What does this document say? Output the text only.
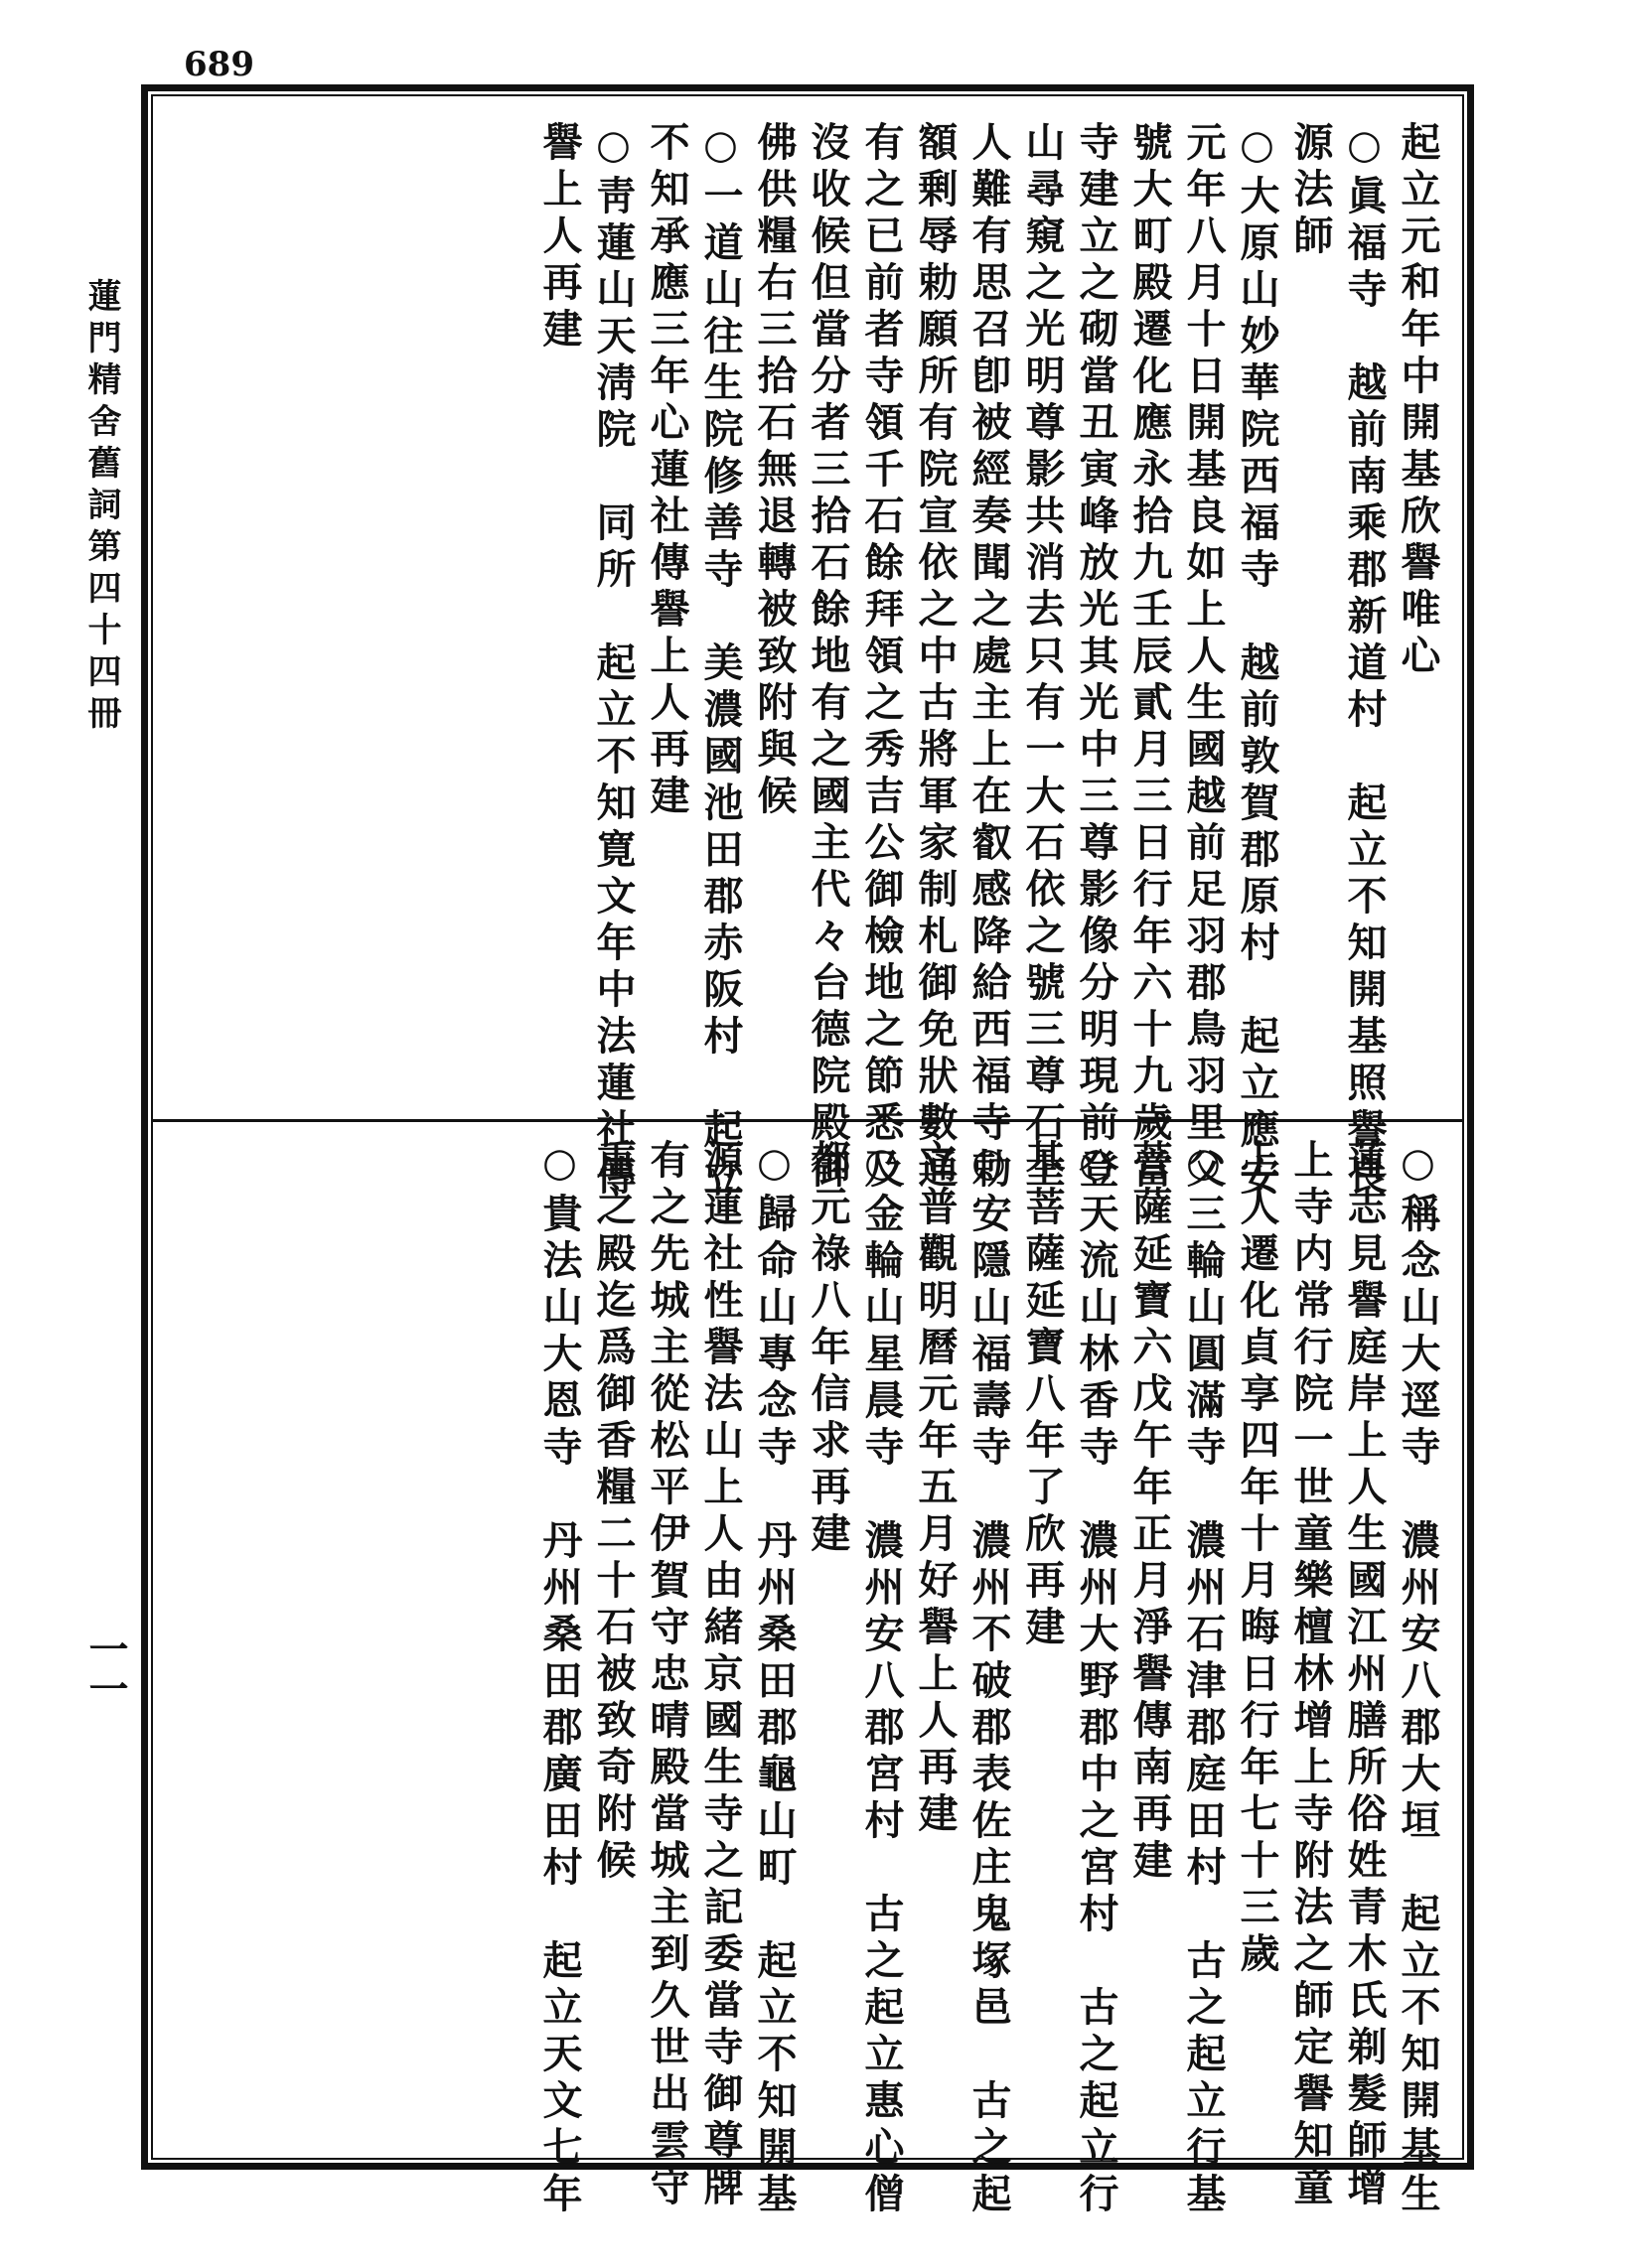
689
蓮門精舍舊詞第四十四冊
一一
起立元和年中開基欣譽唯心
○眞福寺　越前南乘郡新道村　起立不知開基照譽良
源法師
○大原山妙華院西福寺　越前敦賀郡原村　起立應安
元年八月十日開基良如上人生國越前足羽郡鳥羽里父
號大町殿遷化應永拾九壬辰貳月三日行年六十九歲當
寺建立之砌當丑寅峰放光其光中三尊影像分明現前登
山尋窺之光明尊影共消去只有一大石依之號三尊石上
人難有思召卽被經奏聞之處主上在叡感降給西福寺勅
額剰辱勅願所有院宣依之中古將軍家制札御免狀數通
有之已前者寺領千石餘拜領之秀吉公御檢地之節悉及
沒收候但當分者三拾石餘地有之國主代々台德院殿御
佛供糧右三拾石無退轉被致附與候
○一道山往生院修善寺　美濃國池田郡赤阪村　起立
不知承應三年心蓮社傳譽上人再建
○靑蓮山天淸院　同所　起立不知寛文年中法蓮社傳
譽上人再建
○稱念山大逕寺　濃州安八郡大垣　起立不知開基生
蓮志見譽庭岸上人生國江州膳所俗姓青木氏剃髮師增
上寺内常行院一世童樂檀林增上寺附法之師定譽知童
上人遷化貞享四年十月晦日行年七十三歲
○三輪山圓滿寺　濃州石津郡庭田村　古之起立行基
菩薩延寶六戊午年正月淨譽傳南再建
○天流山林香寺　濃州大野郡中之宮村　古之起立行
基菩薩延寶八年了欣再建
○安隱山福壽寺　濃州不破郡表佐庄鬼塚邑　古之起
立普觀明曆元年五月好譽上人再建
○金輪山星晨寺　濃州安八郡宮村　古之起立惠心僧
都元祿八年信求再建
○歸命山專念寺　丹州桑田郡龜山町　起立不知開基
源蓮社性譽法山上人由緒京國生寺之記委當寺御尊牌
有之先城主從松平伊賀守忠晴殿當城主到久世出雲守
重之殿迄爲御香糧二十石被致奇附候
○貴法山大恩寺　丹州桑田郡廣田村　起立天文七年
